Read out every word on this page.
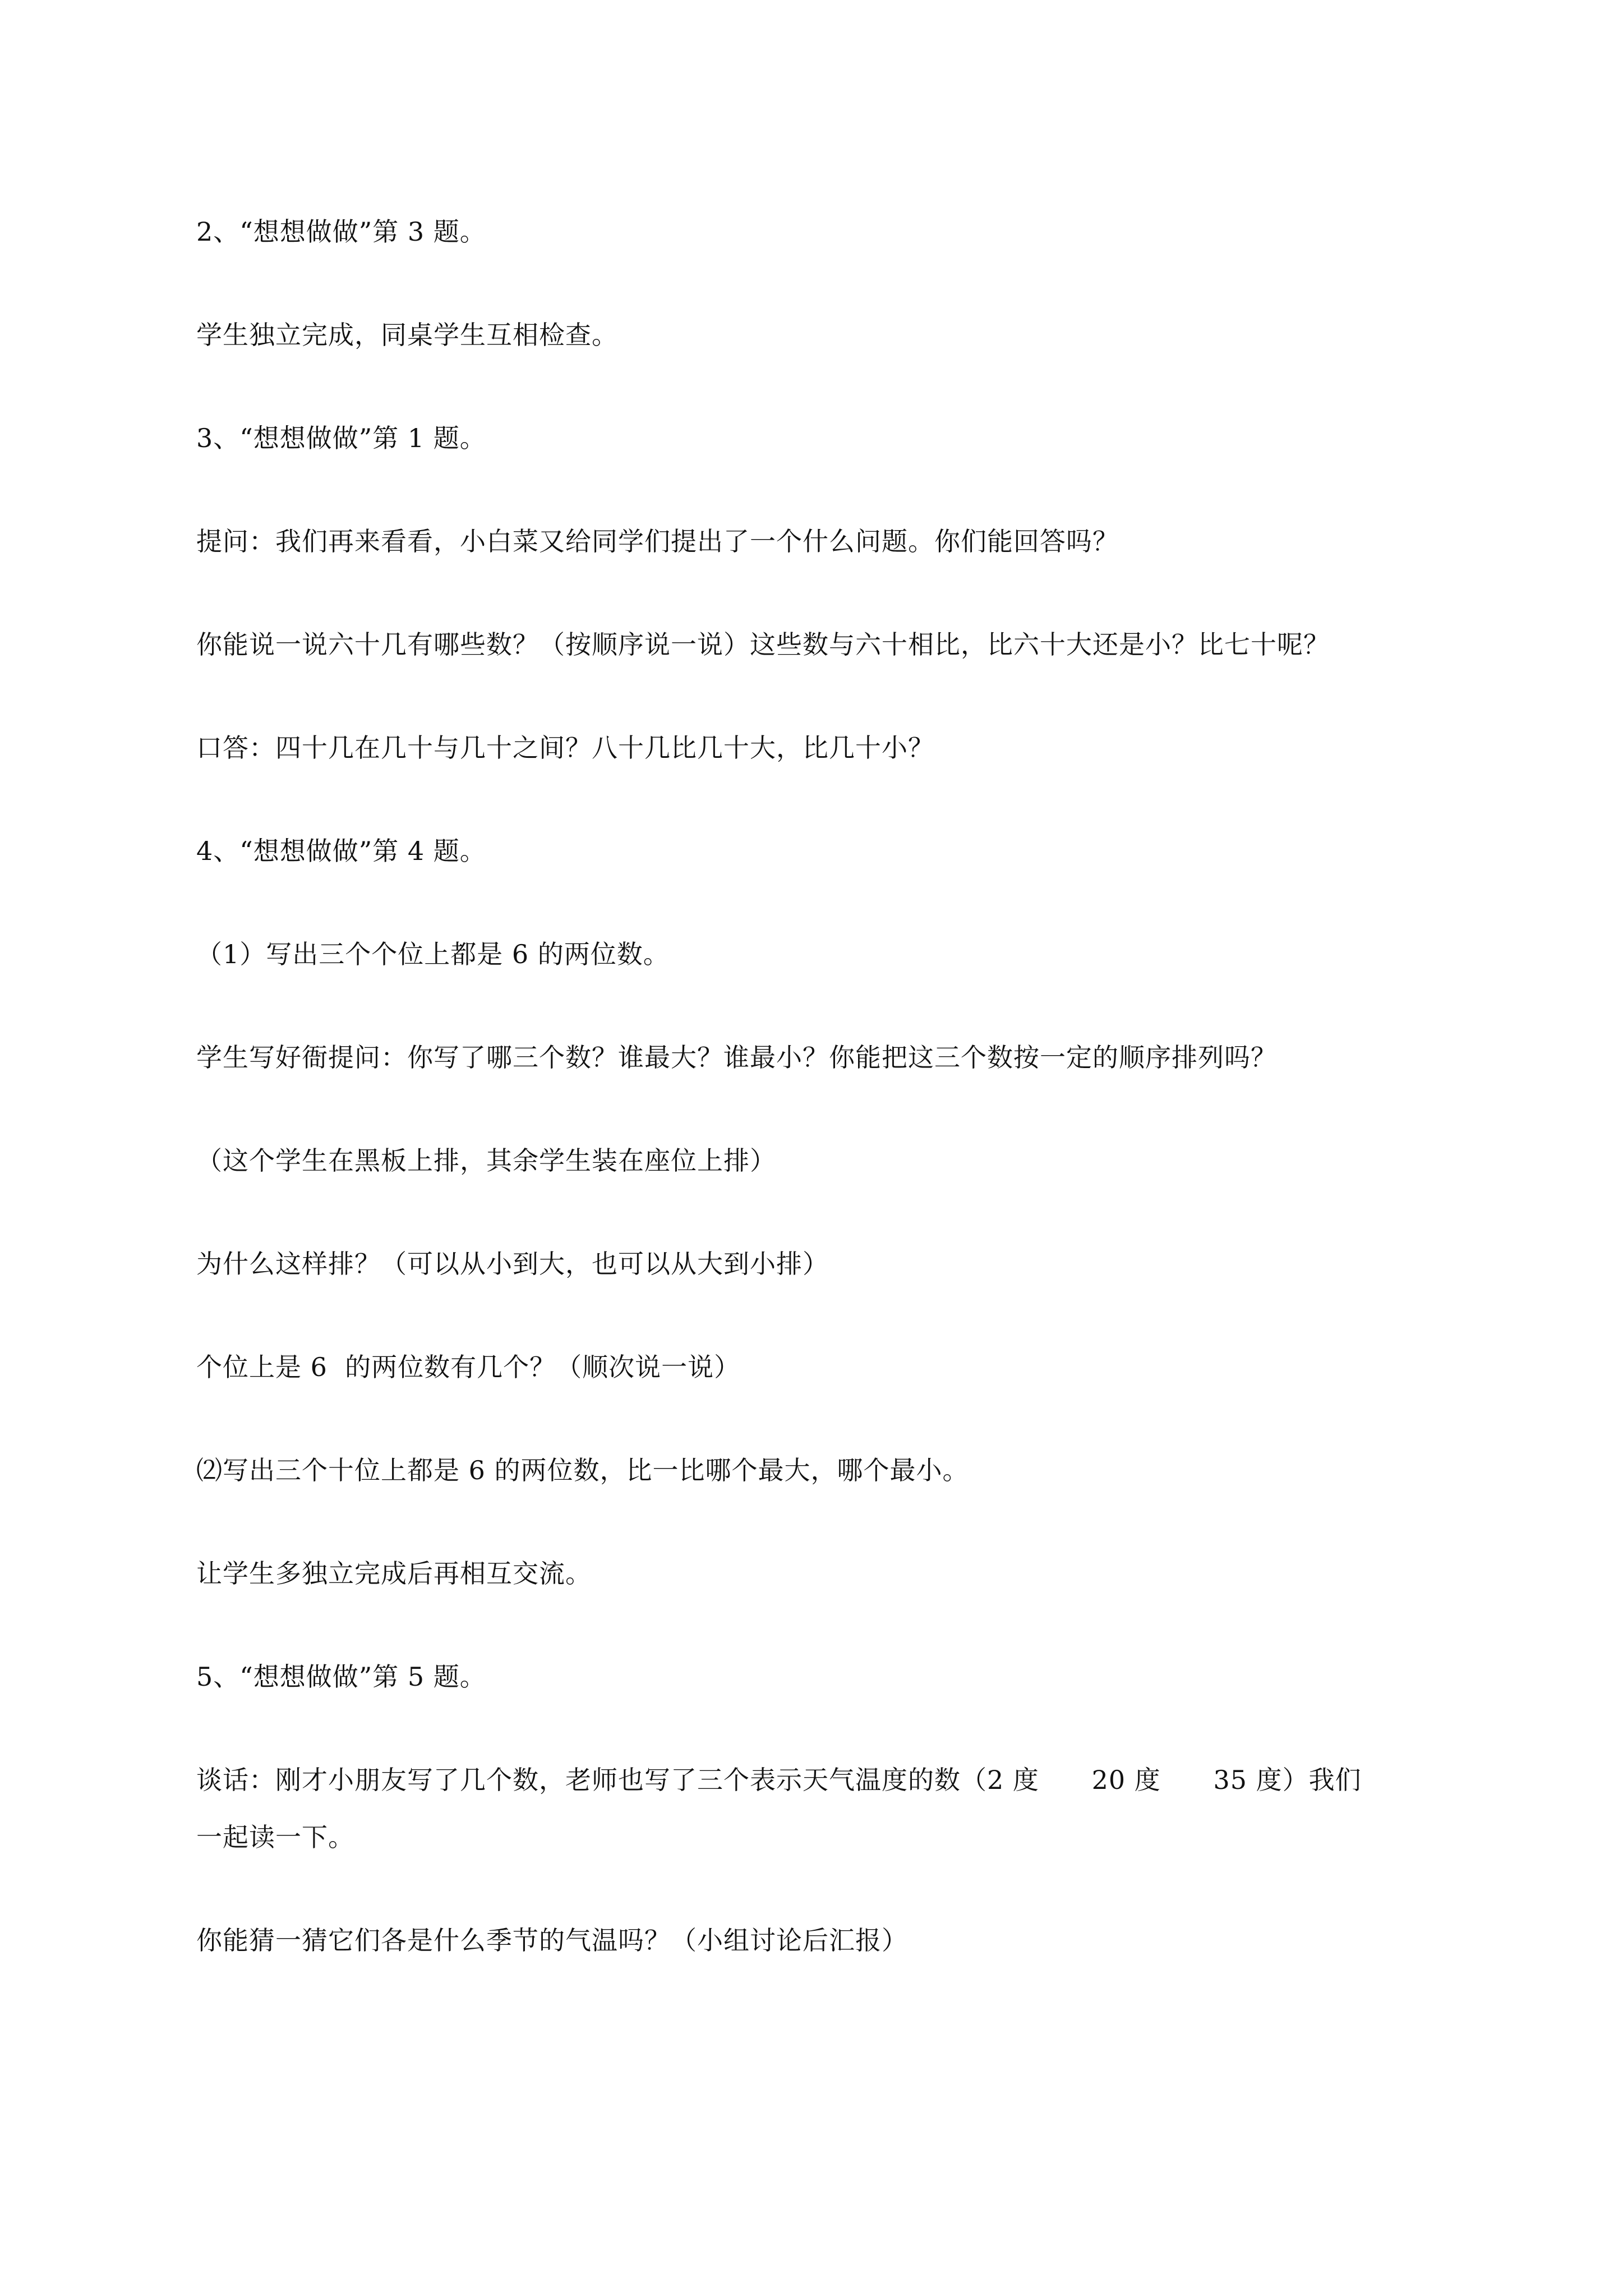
2、“想想做做”第 3 题。

学生独立完成，同桌学生互相检查。

3、“想想做做”第 1 题。

提问：我们再来看看，小白菜又给同学们提出了一个什么问题。你们能回答吗？

你能说一说六十几有哪些数？（按顺序说一说）这些数与六十相比，比六十大还是小？比七十呢？

口答：四十几在几十与几十之间？八十几比几十大，比几十小？

4、“想想做做”第 4 题。

（1）写出三个个位上都是 6 的两位数。

学生写好衙提问：你写了哪三个数？谁最大？谁最小？你能把这三个数按一定的顺序排列吗？

（这个学生在黑板上排，其余学生装在座位上排）

为什么这样排？（可以从小到大，也可以从大到小排）

个位上是 6  的两位数有几个？（顺次说一说）

⑵写出三个十位上都是 6 的两位数，比一比哪个最大，哪个最小。

让学生多独立完成后再相互交流。

5、“想想做做”第 5 题。

谈话：刚才小朋友写了几个数，老师也写了三个表示天气温度的数（2 度      20 度      35 度）我们

一起读一下。

你能猜一猜它们各是什么季节的气温吗？（小组讨论后汇报）
